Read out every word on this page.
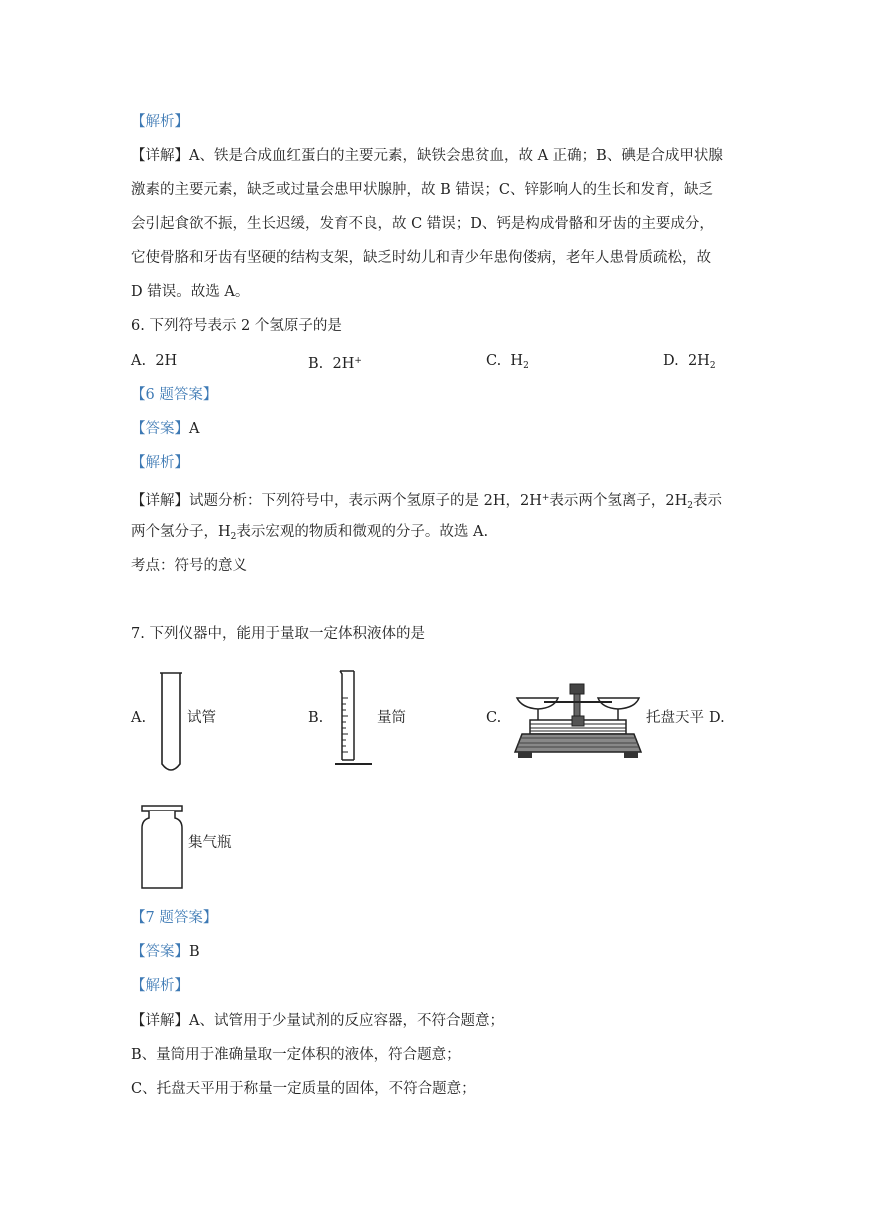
【解析】
【详解】A、铁是合成血红蛋白的主要元素，缺铁会患贫血，故 A 正确；B、碘是合成甲状腺
激素的主要元素，缺乏或过量会患甲状腺肿，故 B 错误；C、锌影响人的生长和发育，缺乏
会引起食欲不振，生长迟缓，发育不良，故 C 错误；D、钙是构成骨骼和牙齿的主要成分，
它使骨胳和牙齿有坚硬的结构支架，缺乏时幼儿和青少年患佝偻病，老年人患骨质疏松，故
D 错误。故选 A。
6. 下列符号表示 2 个氢原子的是
A. 2H	B. 2H+	C. $H_2$	D. $2H_2$
【6 题答案】
【答案】A
【解析】
【详解】试题分析：下列符号中，表示两个氢原子的是 2H，2H+表示两个氢离子，$2H_2$表示
两个氢分子，$H_2$表示宏观的物质和微观的分子。故选 A.
考点：符号的意义
7. 下列仪器中，能用于量取一定体积液体的是
A.	试管	B.	量筒	C.	托盘天平 D.
集气瓶
【7 题答案】
【答案】B
【解析】
【详解】A、试管用于少量试剂的反应容器，不符合题意；
B、量筒用于准确量取一定体积的液体，符合题意；
C、托盘天平用于称量一定质量的固体，不符合题意；
